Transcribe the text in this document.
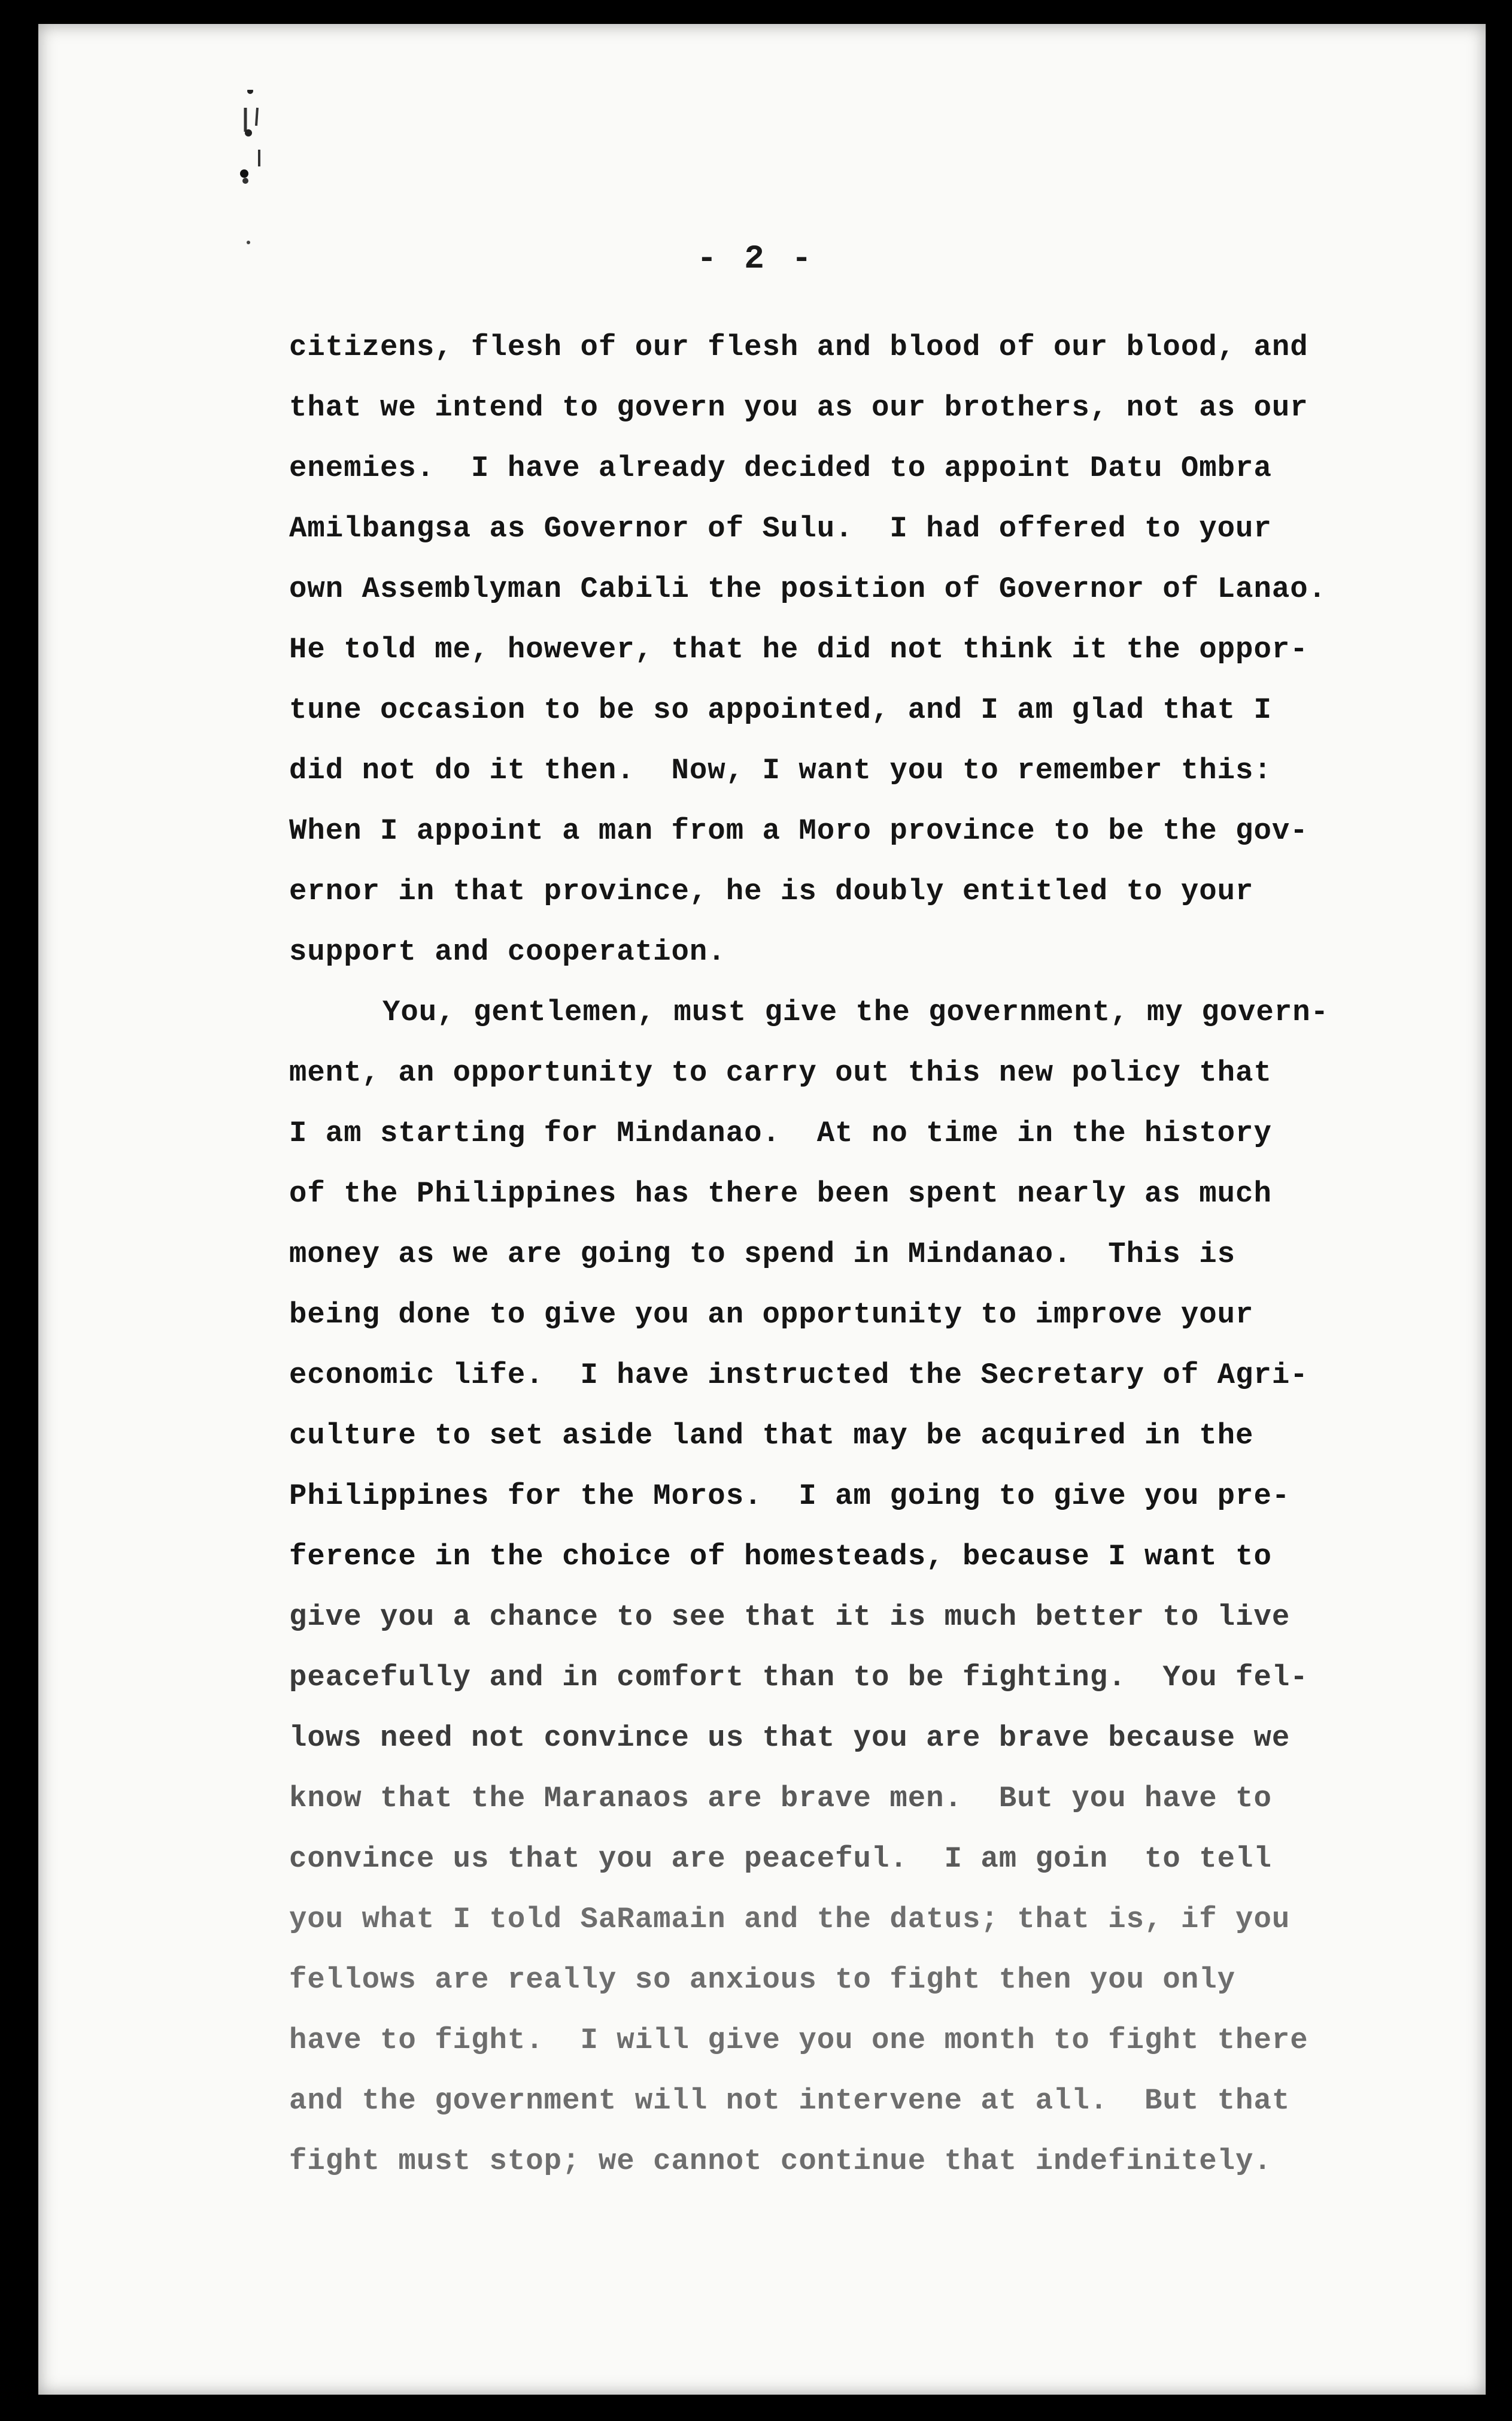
- 2 -
citizens, flesh of our flesh and blood of our blood, and
that we intend to govern you as our brothers, not as our
enemies.  I have already decided to appoint Datu Ombra
Amilbangsa as Governor of Sulu.  I had offered to your
own Assemblyman Cabili the position of Governor of Lanao.
He told me, however, that he did not think it the oppor-
tune occasion to be so appointed, and I am glad that I
did not do it then.  Now, I want you to remember this:
When I appoint a man from a Moro province to be the gov-
ernor in that province, he is doubly entitled to your
support and cooperation.
You, gentlemen, must give the government, my govern-
ment, an opportunity to carry out this new policy that
I am starting for Mindanao.  At no time in the history
of the Philippines has there been spent nearly as much
money as we are going to spend in Mindanao.  This is
being done to give you an opportunity to improve your
economic life.  I have instructed the Secretary of Agri-
culture to set aside land that may be acquired in the
Philippines for the Moros.  I am going to give you pre-
ference in the choice of homesteads, because I want to
give you a chance to see that it is much better to live
peacefully and in comfort than to be fighting.  You fel-
lows need not convince us that you are brave because we
know that the Maranaos are brave men.  But you have to
convince us that you are peaceful.  I am goin  to tell
you what I told SaRamain and the datus; that is, if you
fellows are really so anxious to fight then you only
have to fight.  I will give you one month to fight there
and the government will not intervene at all.  But that
fight must stop; we cannot continue that indefinitely.
